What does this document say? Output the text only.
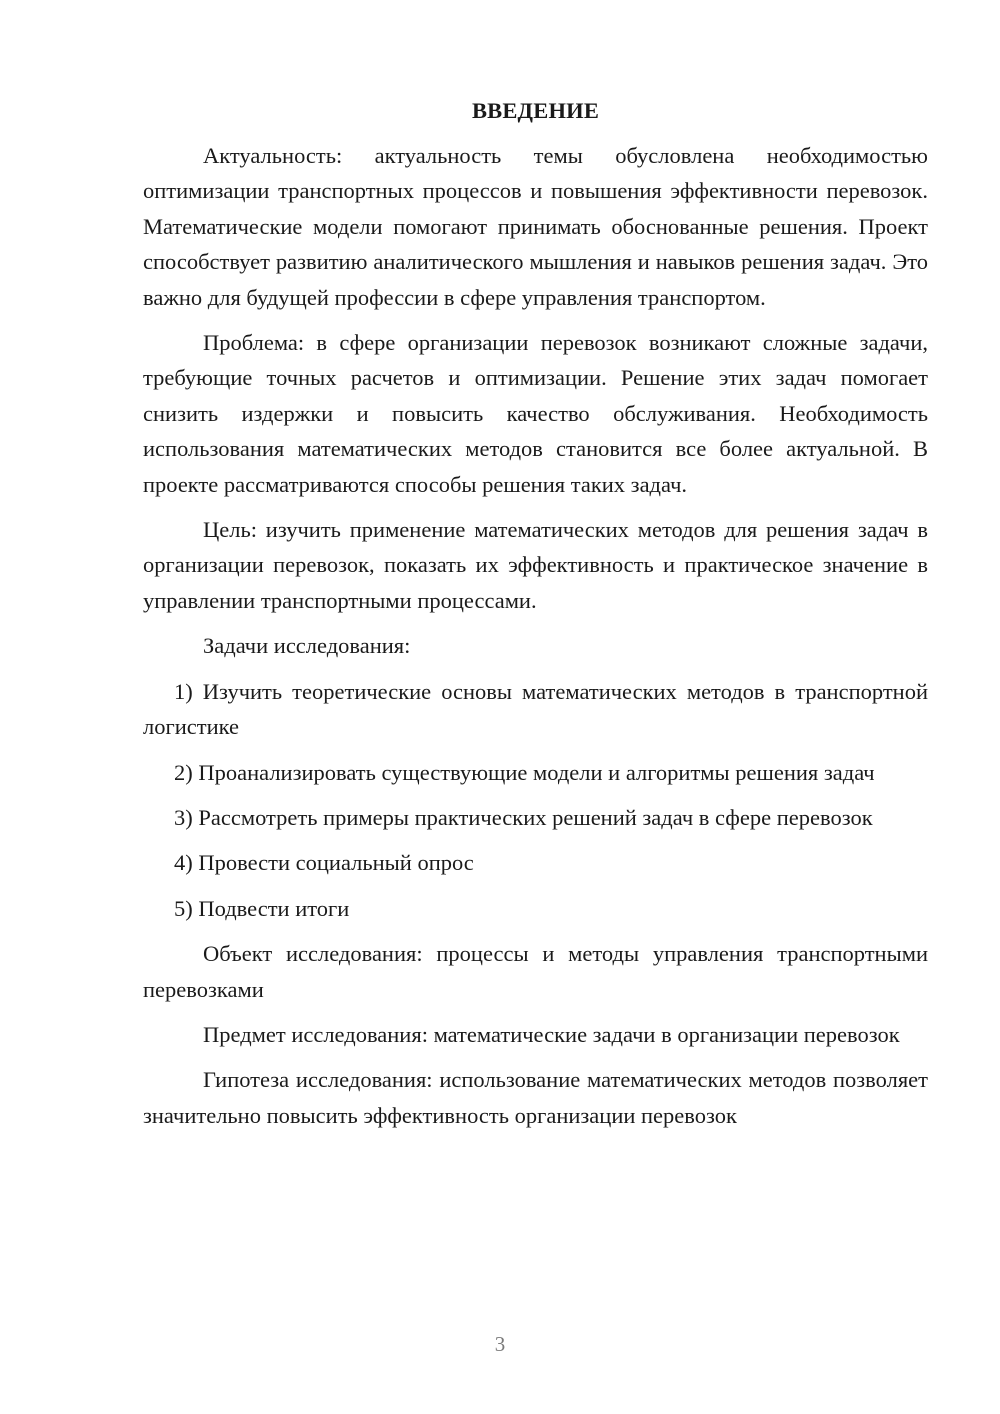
ВВЕДЕНИЕ

Актуальность: актуальность темы обусловлена необходимостью оптимизации транспортных процессов и повышения эффективности перевозок. Математические модели помогают принимать обоснованные решения. Проект способствует развитию аналитического мышления и навыков решения задач. Это важно для будущей профессии в сфере управления транспортом.

Проблема: в сфере организации перевозок возникают сложные задачи, требующие точных расчетов и оптимизации. Решение этих задач помогает снизить издержки и повысить качество обслуживания. Необходимость использования математических методов становится все более актуальной. В проекте рассматриваются способы решения таких задач.

Цель: изучить применение математических методов для решения задач в организации перевозок, показать их эффективность и практическое значение в управлении транспортными процессами.

Задачи исследования:

1) Изучить теоретические основы математических методов в транспортной логистике

2) Проанализировать существующие модели и алгоритмы решения задач

3) Рассмотреть примеры практических решений задач в сфере перевозок

4) Провести социальный опрос

5) Подвести итоги

Объект исследования: процессы и методы управления транспортными перевозками

Предмет исследования: математические задачи в организации перевозок

Гипотеза исследования: использование математических методов позволяет значительно повысить эффективность организации перевозок

3
